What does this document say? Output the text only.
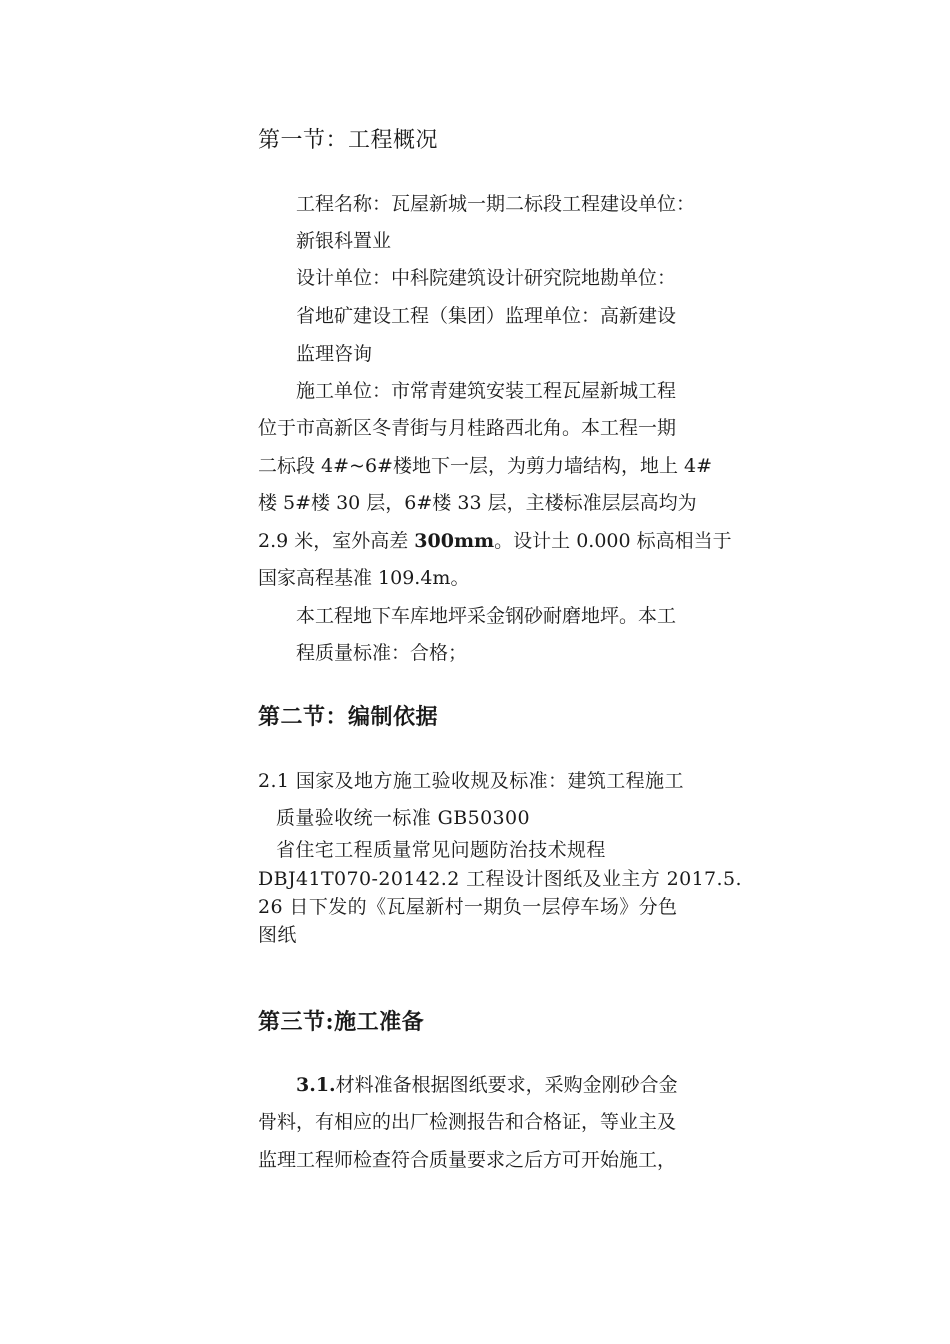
第一节：工程概况
工程名称：瓦屋新城一期二标段工程建设单位：
新银科置业
设计单位：中科院建筑设计研究院地勘单位：
省地矿建设工程（集团）监理单位：高新建设
监理咨询
施工单位：市常青建筑安装工程瓦屋新城工程
位于市高新区冬青街与月桂路西北角。本工程一期
二标段 4#~6#楼地下一层，为剪力墙结构，地上 4#
楼 5#楼 30 层，6#楼 33 层，主楼标准层层高均为
2.9 米，室外高差 300mm。设计土 0.000 标高相当于
国家高程基准 109.4m。
本工程地下车库地坪采金钢砂耐磨地坪。本工
程质量标准：合格；
第二节：编制依据
2.1 国家及地方施工验收规及标准：建筑工程施工
质量验收统一标准 GB50300
省住宅工程质量常见问题防治技术规程
DBJ41T070-20142.2 工程设计图纸及业主方 2017.5.
26 日下发的《瓦屋新村一期负一层停车场》分色
图纸
第三节:施工准备
3.1.材料准备根据图纸要求，采购金刚砂合金
骨料，有相应的出厂检测报告和合格证，等业主及
监理工程师检查符合质量要求之后方可开始施工，
